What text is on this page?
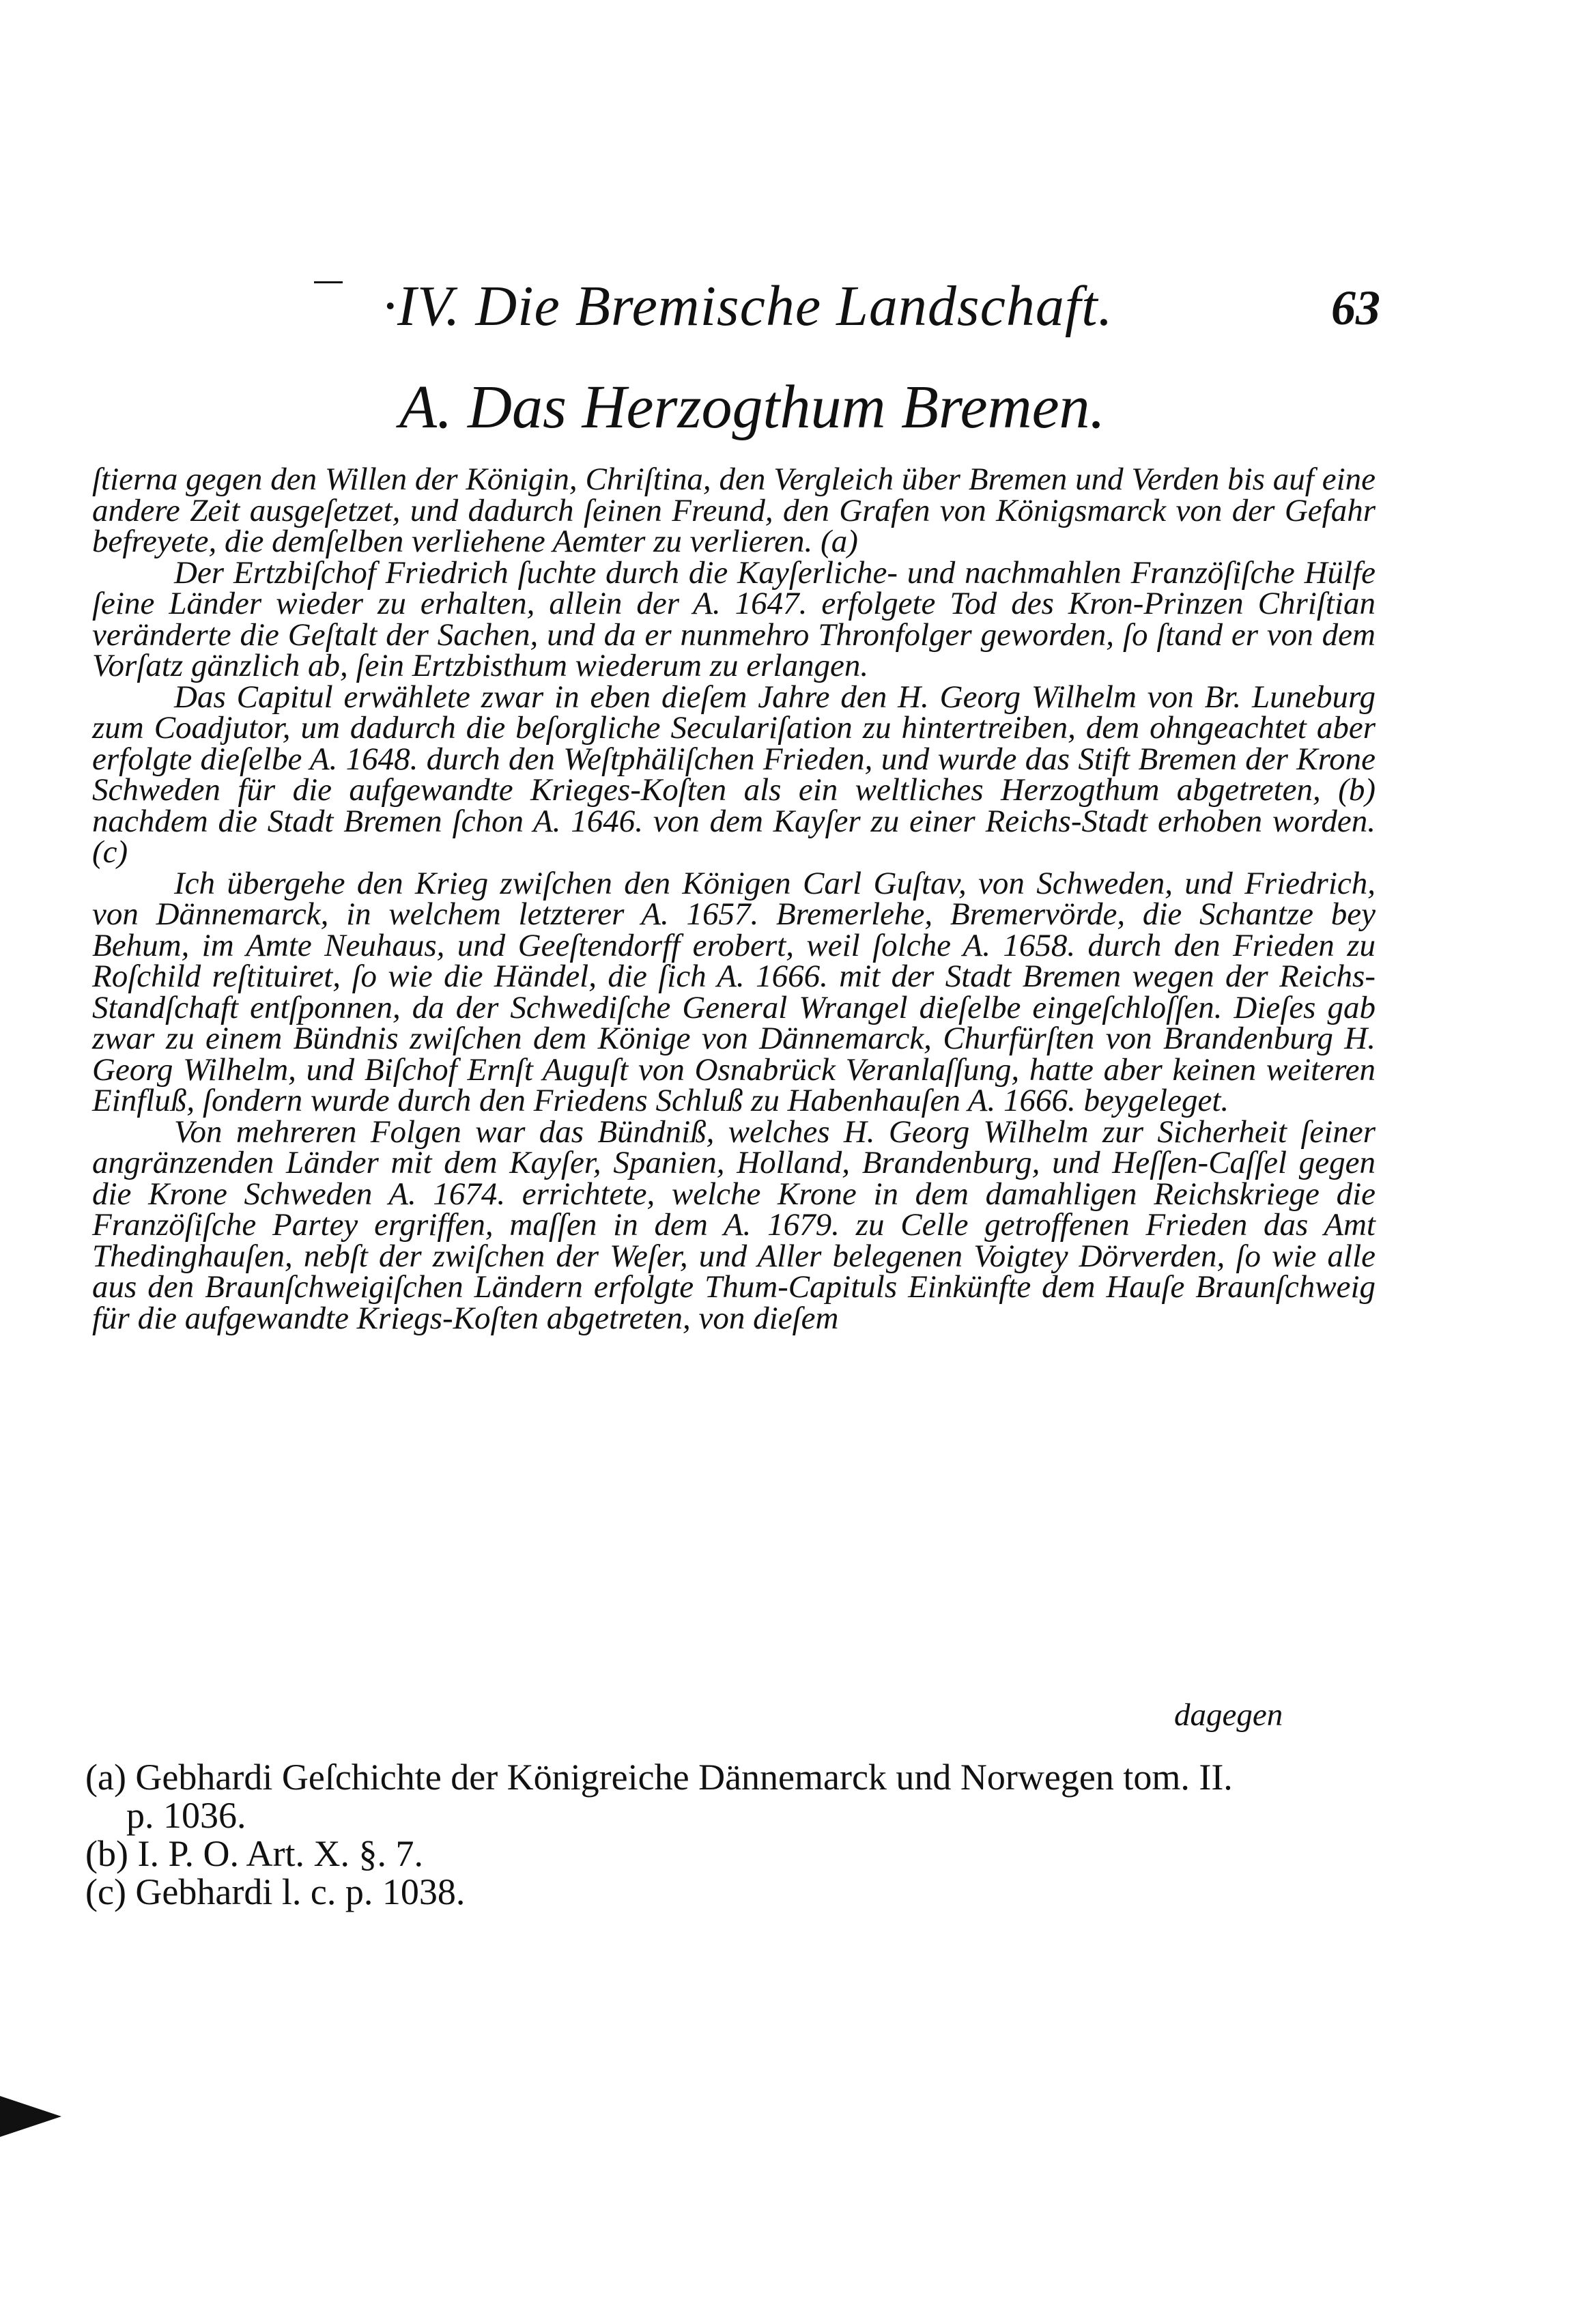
·IV. Die Bremische Landschaft.	63
A. Das Herzogthum Bremen.

ſtierna gegen den Willen der Königin, Chriſtina, den Vergleich über Bremen und Verden bis auf eine andere Zeit ausgeſetzet, und dadurch ſeinen Freund, den Grafen von Königsmarck von der Gefahr befreyete, die demſelben verliehene Aemter zu verlieren. (a)

Der Ertzbiſchof Friedrich ſuchte durch die Kayſerliche- und nachmahlen Franzöſiſche Hülfe ſeine Länder wieder zu erhalten, allein der A. 1647. erfolgete Tod des Kron-Prinzen Chriſtian veränderte die Geſtalt der Sachen, und da er nunmehro Thronfolger geworden, ſo ſtand er von dem Vorſatz gänzlich ab, ſein Ertzbisthum wiederum zu erlangen.

Das Capitul erwählete zwar in eben dieſem Jahre den H. Georg Wilhelm von Br. Luneburg zum Coadjutor, um dadurch die beſorgliche Seculariſation zu hintertreiben, dem ohngeachtet aber erfolgte dieſelbe A. 1648. durch den Weſtphäliſchen Frieden, und wurde das Stift Bremen der Krone Schweden für die aufgewandte Krieges-Koſten als ein weltliches Herzogthum abgetreten, (b) nachdem die Stadt Bremen ſchon A. 1646. von dem Kayſer zu einer Reichs-Stadt erhoben worden. (c)

Ich übergehe den Krieg zwiſchen den Königen Carl Guſtav, von Schweden, und Friedrich, von Dännemarck, in welchem letzterer A. 1657. Bremerlehe, Bremervörde, die Schantze bey Behum, im Amte Neuhaus, und Geeſtendorff erobert, weil ſolche A. 1658. durch den Frieden zu Roſchild reſtituiret, ſo wie die Händel, die ſich A. 1666. mit der Stadt Bremen wegen der Reichs-Standſchaft entſponnen, da der Schwediſche General Wrangel dieſelbe eingeſchloſſen. Dieſes gab zwar zu einem Bündnis zwiſchen dem Könige von Dännemarck, Churfürſten von Brandenburg H. Georg Wilhelm, und Biſchof Ernſt Auguſt von Osnabrück Veranlaſſung, hatte aber keinen weiteren Einfluß, ſondern wurde durch den Friedens Schluß zu Habenhauſen A. 1666. beygeleget.

Von mehreren Folgen war das Bündniß, welches H. Georg Wilhelm zur Sicherheit ſeiner angränzenden Länder mit dem Kayſer, Spanien, Holland, Brandenburg, und Heſſen-Caſſel gegen die Krone Schweden A. 1674. errichtete, welche Krone in dem damahligen Reichskriege die Franzöſiſche Partey ergriffen, maſſen in dem A. 1679. zu Celle getroffenen Frieden das Amt Thedinghauſen, nebſt der zwiſchen der Weſer, und Aller belegenen Voigtey Dörverden, ſo wie alle aus den Braunſchweigiſchen Ländern erfolgte Thum-Capituls Einkünfte dem Hauſe Braunſchweig für die aufgewandte Kriegs-Koſten abgetreten, von dieſem

dagegen

(a) Gebhardi Geſchichte der Königreiche Dännemarck und Norwegen tom. II.
p. 1036.

(b) I. P. O. Art. X. §. 7.

(c) Gebhardi l. c. p. 1038.
